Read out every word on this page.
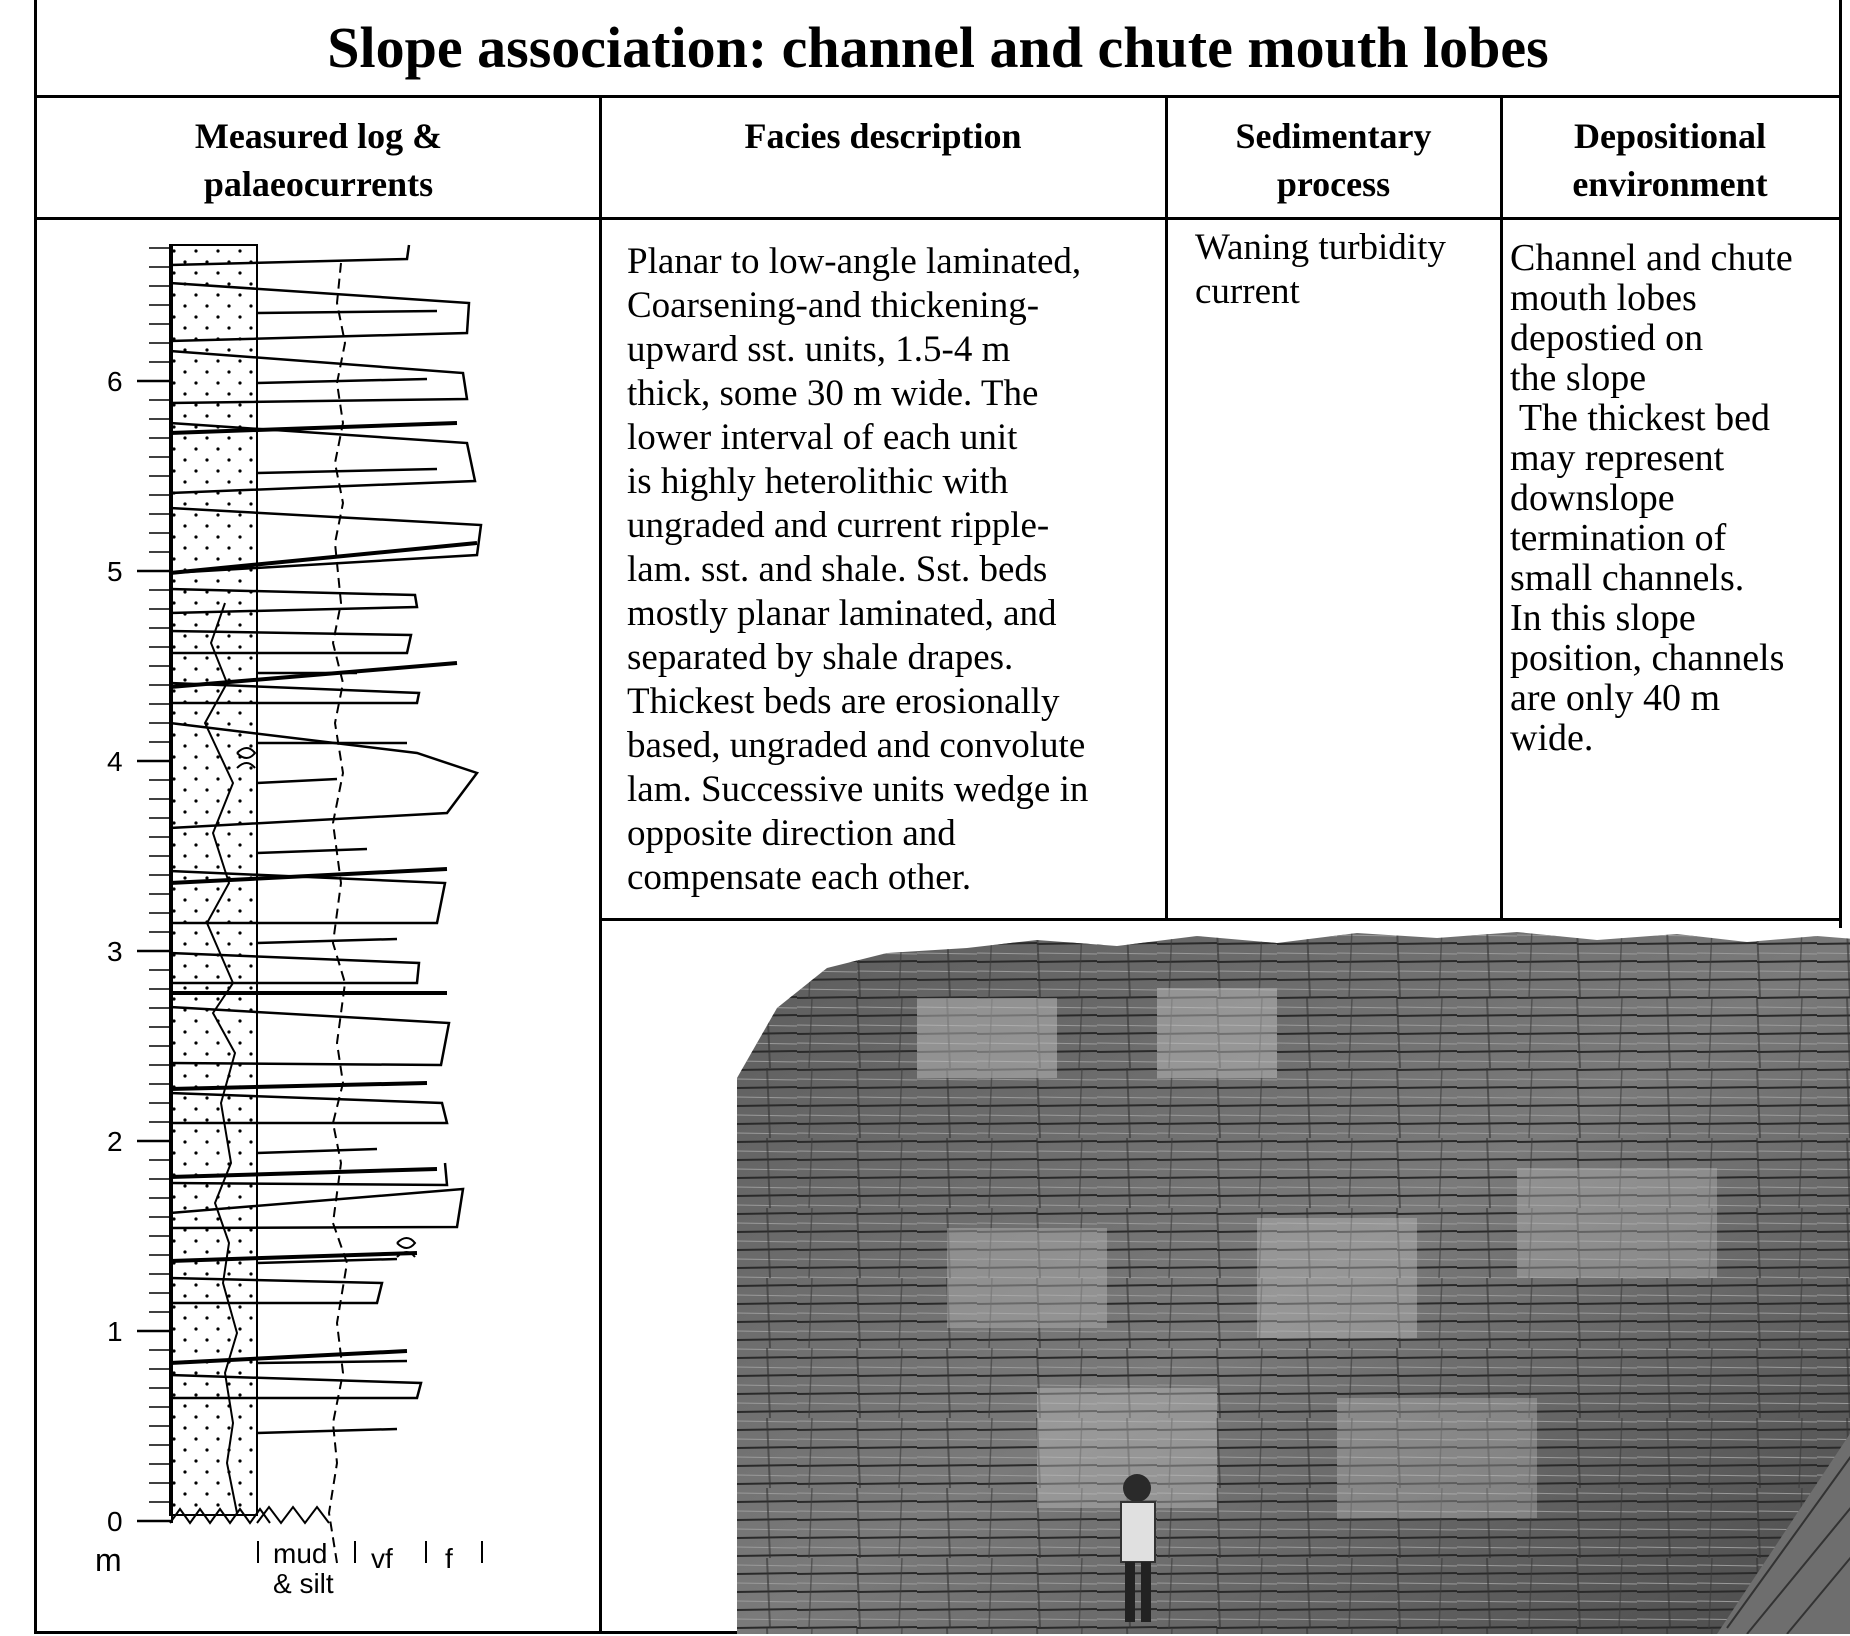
Slope association: channel and chute mouth lobes
Measured log &
palaeocurrents
Facies description	Sedimentary
process
Depositional
environment

Planar to low-angle laminated,

Coarsening-and thickening-

upward sst. units, 1.5-4 m

thick, some 30 m wide. The

lower interval of each unit

is highly heterolithic with

ungraded and current ripple-

lam. sst. and shale. Sst. beds

mostly planar laminated, and

separated by shale drapes.

Thickest beds are erosionally

based, ungraded and convolute

lam. Successive units wedge in

opposite direction and

compensate each other.

Waning turbidity

current

Channel and chute

mouth lobes

depostied on

the slope

The thickest bed

may represent

downslope

termination of

small channels.

In this slope

position, channels

are only 40 m

wide.

0
1
2
3
4
5
6
m	mud
& silt
vf f
